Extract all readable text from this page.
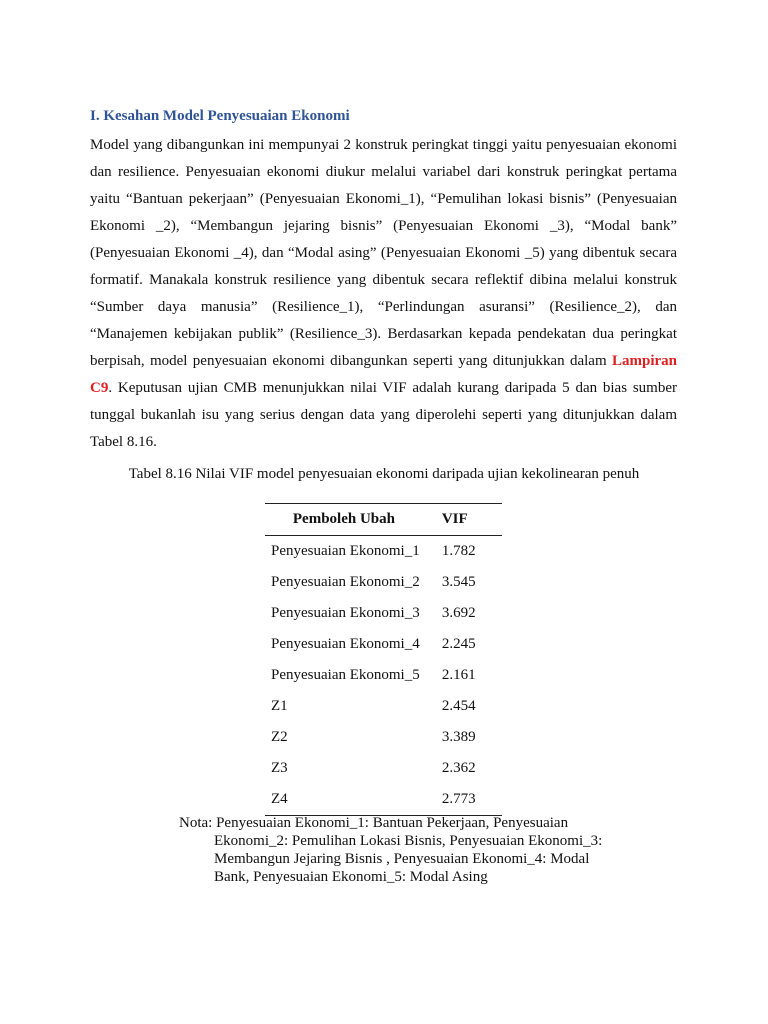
I. Kesahan Model Penyesuaian Ekonomi

Model yang dibangunkan ini mempunyai 2 konstruk peringkat tinggi yaitu penyesuaian ekonomi dan resilience. Penyesuaian ekonomi diukur melalui variabel dari konstruk peringkat pertama yaitu “Bantuan pekerjaan” (Penyesuaian Ekonomi_1), “Pemulihan lokasi bisnis” (Penyesuaian Ekonomi _2), “Membangun jejaring bisnis” (Penyesuaian Ekonomi _3), “Modal bank” (Penyesuaian Ekonomi _4), dan “Modal asing” (Penyesuaian Ekonomi _5) yang dibentuk secara formatif. Manakala konstruk resilience yang dibentuk secara reflektif dibina melalui konstruk “Sumber daya manusia” (Resilience_1), “Perlindungan asuransi” (Resilience_2), dan “Manajemen kebijakan publik” (Resilience_3). Berdasarkan kepada pendekatan dua peringkat berpisah, model penyesuaian ekonomi dibangunkan seperti yang ditunjukkan dalam Lampiran C9. Keputusan ujian CMB menunjukkan nilai VIF adalah kurang daripada 5 dan bias sumber tunggal bukanlah isu yang serius dengan data yang diperolehi seperti yang ditunjukkan dalam Tabel 8.16.

Tabel 8.16 Nilai VIF model penyesuaian ekonomi daripada ujian kekolinearan penuh
Pemboleh Ubah	VIF
Penyesuaian Ekonomi_1	1.782
Penyesuaian Ekonomi_2	3.545
Penyesuaian Ekonomi_3	3.692
Penyesuaian Ekonomi_4	2.245
Penyesuaian Ekonomi_5	2.161
Z1	2.454
Z2	3.389
Z3	2.362
Z4	2.773
Nota: Penyesuaian Ekonomi_1: Bantuan Pekerjaan, Penyesuaian
Ekonomi_2: Pemulihan Lokasi Bisnis, Penyesuaian Ekonomi_3:
Membangun Jejaring Bisnis , Penyesuaian Ekonomi_4: Modal
Bank, Penyesuaian Ekonomi_5: Modal Asing
